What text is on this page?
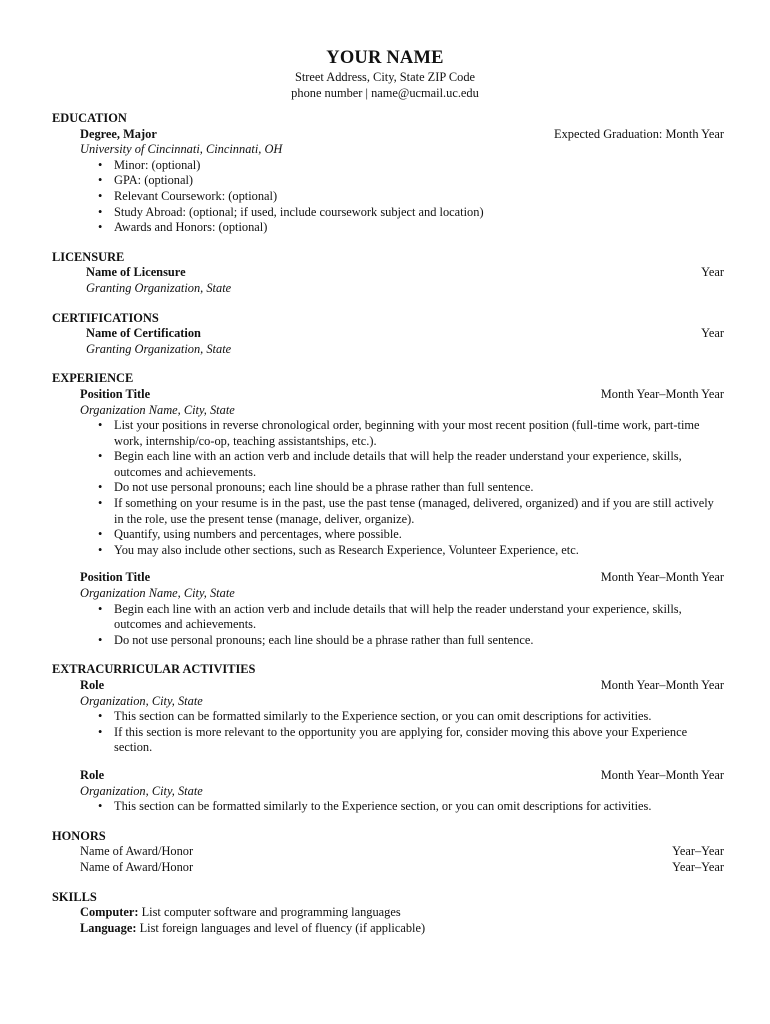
YOUR NAME
Street Address, City, State ZIP Code
phone number | name@ucmail.uc.edu
EDUCATION
Degree, Major	Expected Graduation: Month Year
University of Cincinnati, Cincinnati, OH
• Minor: (optional)
• GPA: (optional)
• Relevant Coursework: (optional)
• Study Abroad: (optional; if used, include coursework subject and location)
• Awards and Honors: (optional)
LICENSURE
Name of Licensure	Year
Granting Organization, State
CERTIFICATIONS
Name of Certification	Year
Granting Organization, State
EXPERIENCE
Position Title	Month Year–Month Year
Organization Name, City, State
• List your positions in reverse chronological order, beginning with your most recent position (full-time work, part-time work, internship/co-op, teaching assistantships, etc.).
• Begin each line with an action verb and include details that will help the reader understand your experience, skills, outcomes and achievements.
• Do not use personal pronouns; each line should be a phrase rather than full sentence.
• If something on your resume is in the past, use the past tense (managed, delivered, organized) and if you are still actively in the role, use the present tense (manage, deliver, organize).
• Quantify, using numbers and percentages, where possible.
• You may also include other sections, such as Research Experience, Volunteer Experience, etc.
Position Title	Month Year–Month Year
Organization Name, City, State
• Begin each line with an action verb and include details that will help the reader understand your experience, skills, outcomes and achievements.
• Do not use personal pronouns; each line should be a phrase rather than full sentence.
EXTRACURRICULAR ACTIVITIES
Role	Month Year–Month Year
Organization, City, State
• This section can be formatted similarly to the Experience section, or you can omit descriptions for activities.
• If this section is more relevant to the opportunity you are applying for, consider moving this above your Experience section.
Role	Month Year–Month Year
Organization, City, State
• This section can be formatted similarly to the Experience section, or you can omit descriptions for activities.
HONORS
Name of Award/Honor	Year–Year
Name of Award/Honor	Year–Year
SKILLS
Computer: List computer software and programming languages
Language: List foreign languages and level of fluency (if applicable)
